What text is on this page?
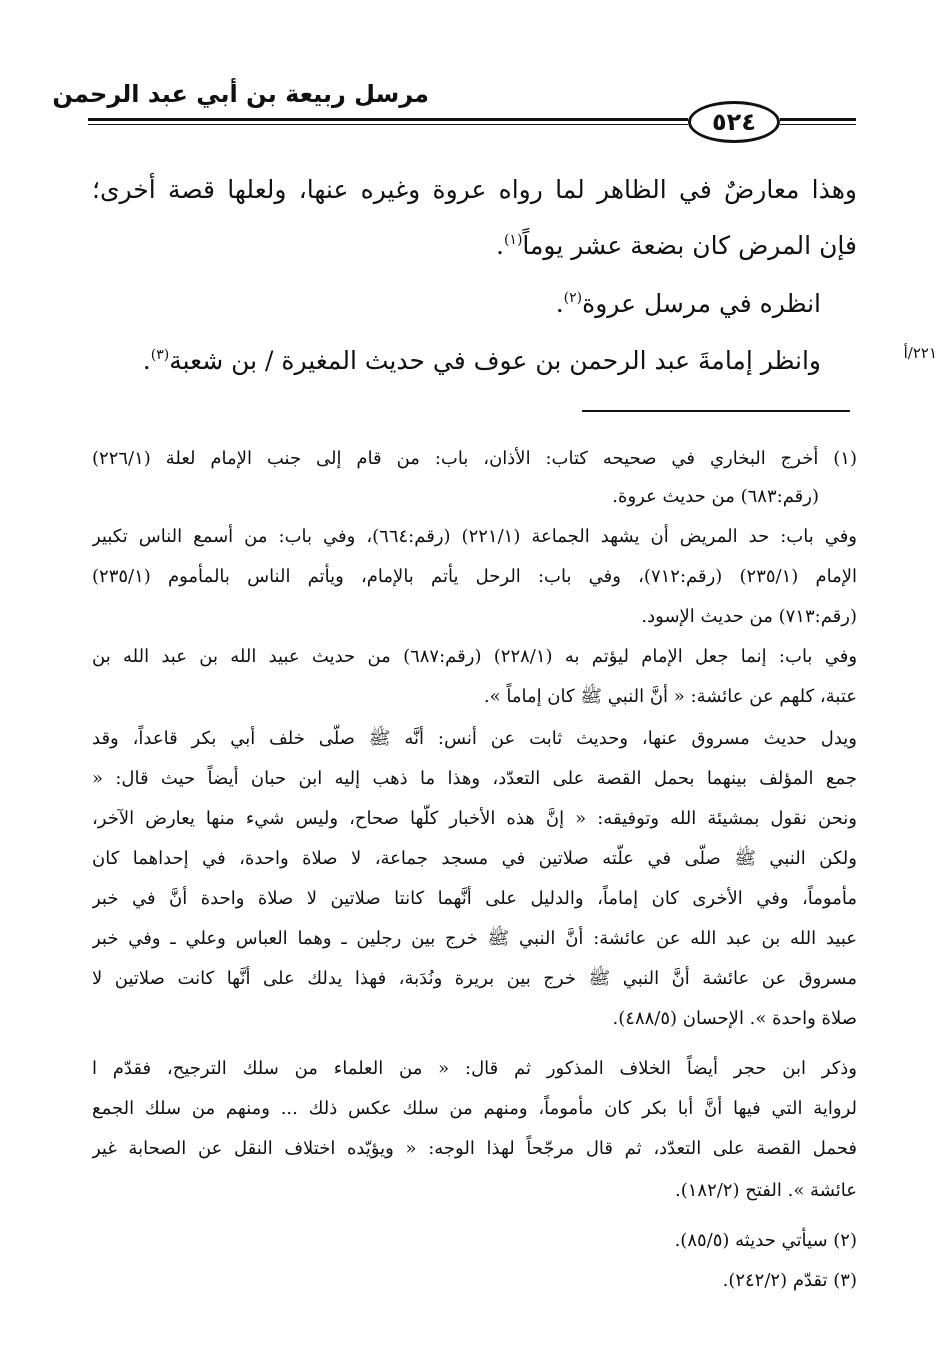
مرسل ربيعة بن أبي عبد الرحمن
٥٢٤
وهذا معارضٌ في الظاهر لما رواه عروة وغيره عنها، ولعلها قصة أخرى؛
فإن المرض كان بضعة عشر يوماً$^{(١)}$.
انظره في مرسل عروة$^{(٢)}$.
وانظر إمامةَ عبد الرحمن بن عوف في حديث المغيرة / بن شعبة$^{(٣)}$.	٢٢١/أ
(١) أخرج البخاري في صحيحه كتاب: الأذان، باب: من قام إلى جنب الإمام لعلة (٢٢٦/١)
(رقم:٦٨٣) من حديث عروة.
وفي باب: حد المريض أن يشهد الجماعة (٢٢١/١) (رقم:٦٦٤)، وفي باب: من أسمع الناس تكبير
الإمام (٢٣٥/١) (رقم:٧١٢)، وفي باب: الرحل يأتم بالإمام، ويأتم الناس بالمأموم (٢٣٥/١)
(رقم:٧١٣) من حديث الإسود.
وفي باب: إنما جعل الإمام ليؤتم به (٢٢٨/١) (رقم:٦٨٧) من حديث عبيد الله بن عبد الله بن
عتبة، كلهم عن عائشة: « أنَّ النبي ﷺ كان إماماً ».
ويدل حديث مسروق عنها، وحديث ثابت عن أنس: أنَّه ﷺ صلّى خلف أبي بكر قاعداً، وقد
جمع المؤلف بينهما بحمل القصة على التعدّد، وهذا ما ذهب إليه ابن حبان أيضاً حيث قال: «
ونحن نقول بمشيئة الله وتوفيقه: « إنَّ هذه الأخبار كلّها صحاح، وليس شيء منها يعارض الآخر،
ولكن النبي ﷺ صلّى في علّته صلاتين في مسجد جماعة، لا صلاة واحدة، في إحداهما كان
مأموماً، وفي الأخرى كان إماماً، والدليل على أنَّهما كانتا صلاتين لا صلاة واحدة أنَّ في خبر
عبيد الله بن عبد الله عن عائشة: أنَّ النبي ﷺ خرج بين رجلين ـ وهما العباس وعلي ـ وفي خبر
مسروق عن عائشة أنَّ النبي ﷺ خرج بين بريرة ونُدَبة، فهذا يدلك على أنَّها كانت صلاتين لا
صلاة واحدة ». الإحسان (٤٨٨/٥).
وذكر ابن حجر أيضاً الخلاف المذكور ثم قال: « من العلماء من سلك الترجيح، فقدّم ا
لرواية التي فيها أنَّ أبا بكر كان مأموماً، ومنهم من سلك عكس ذلك ... ومنهم من سلك الجمع
فحمل القصة على التعدّد، ثم قال مرجّحاً لهذا الوجه: « ويؤيّده اختلاف النقل عن الصحابة غير
عائشة ». الفتح (١٨٢/٢).
(٢) سيأتي حديثه (٨٥/٥).
(٣) تقدّم (٢٤٢/٢).
